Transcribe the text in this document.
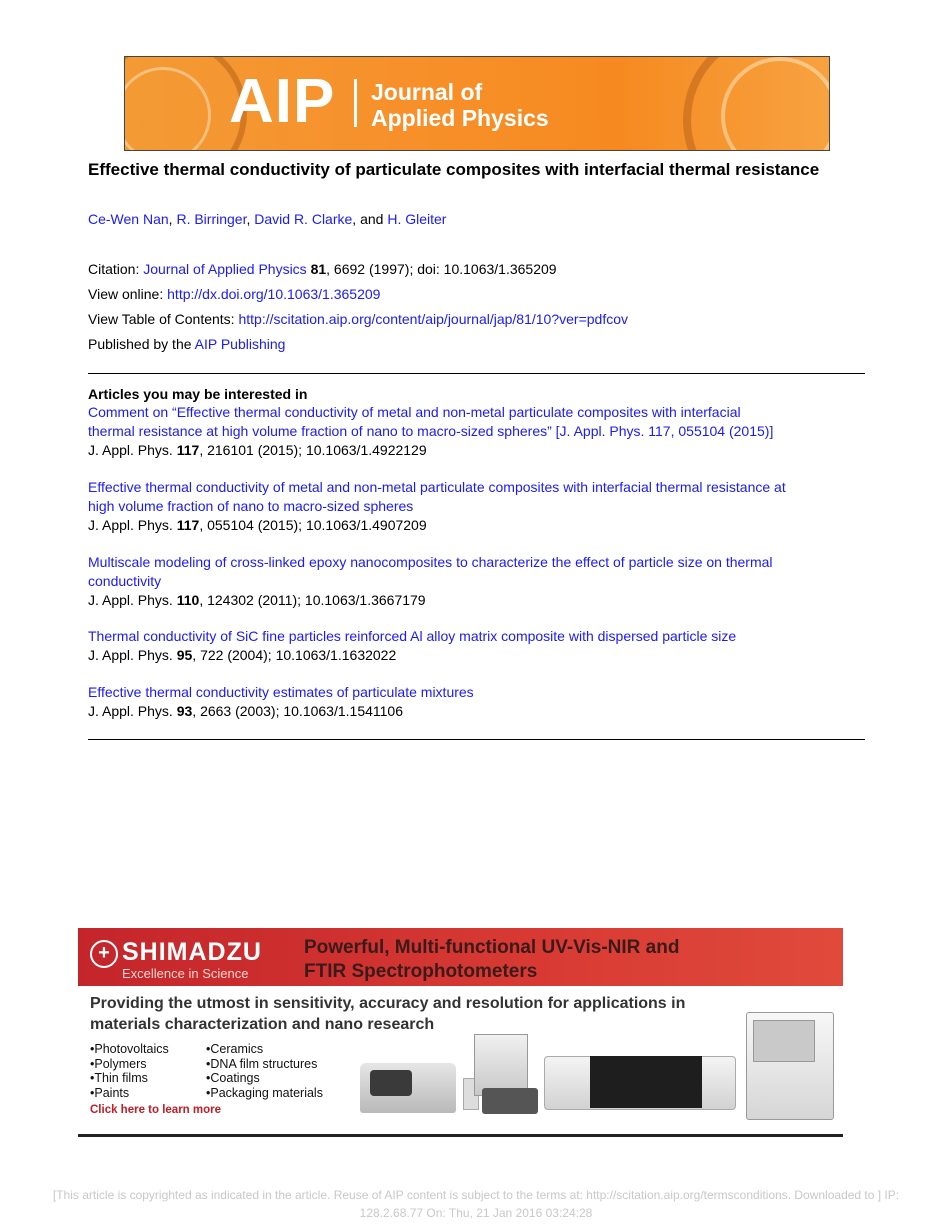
AIP Journal of
Applied Physics
Effective thermal conductivity of particulate composites with interfacial thermal resistance
Ce-Wen Nan, R. Birringer, David R. Clarke, and H. Gleiter
Citation: Journal of Applied Physics 81, 6692 (1997); doi: 10.1063/1.365209
View online: http://dx.doi.org/10.1063/1.365209
View Table of Contents: http://scitation.aip.org/content/aip/journal/jap/81/10?ver=pdfcov
Published by the AIP Publishing
Articles you may be interested in
Comment on “Effective thermal conductivity of metal and non-metal particulate composites with interfacial
thermal resistance at high volume fraction of nano to macro-sized spheres” [J. Appl. Phys. 117, 055104 (2015)]
J. Appl. Phys. 117, 216101 (2015); 10.1063/1.4922129
Effective thermal conductivity of metal and non-metal particulate composites with interfacial thermal resistance at
high volume fraction of nano to macro-sized spheres
J. Appl. Phys. 117, 055104 (2015); 10.1063/1.4907209
Multiscale modeling of cross-linked epoxy nanocomposites to characterize the effect of particle size on thermal
conductivity
J. Appl. Phys. 110, 124302 (2011); 10.1063/1.3667179
Thermal conductivity of SiC fine particles reinforced Al alloy matrix composite with dispersed particle size
J. Appl. Phys. 95, 722 (2004); 10.1063/1.1632022
Effective thermal conductivity estimates of particulate mixtures
J. Appl. Phys. 93, 2663 (2003); 10.1063/1.1541106
+ SHIMADZU
Excellence in Science
Powerful, Multi-functional UV-Vis-NIR and
FTIR Spectrophotometers
Providing the utmost in sensitivity, accuracy and resolution for applications in
materials characterization and nano research
• Photovoltaics
• Polymers
• Thin films
• Paints
• Ceramics
• DNA film structures
• Coatings
• Packaging materials
Click here to learn more
[This article is copyrighted as indicated in the article. Reuse of AIP content is subject to the terms at: http://scitation.aip.org/termsconditions. Downloaded to ] IP:
128.2.68.77 On: Thu, 21 Jan 2016 03:24:28
